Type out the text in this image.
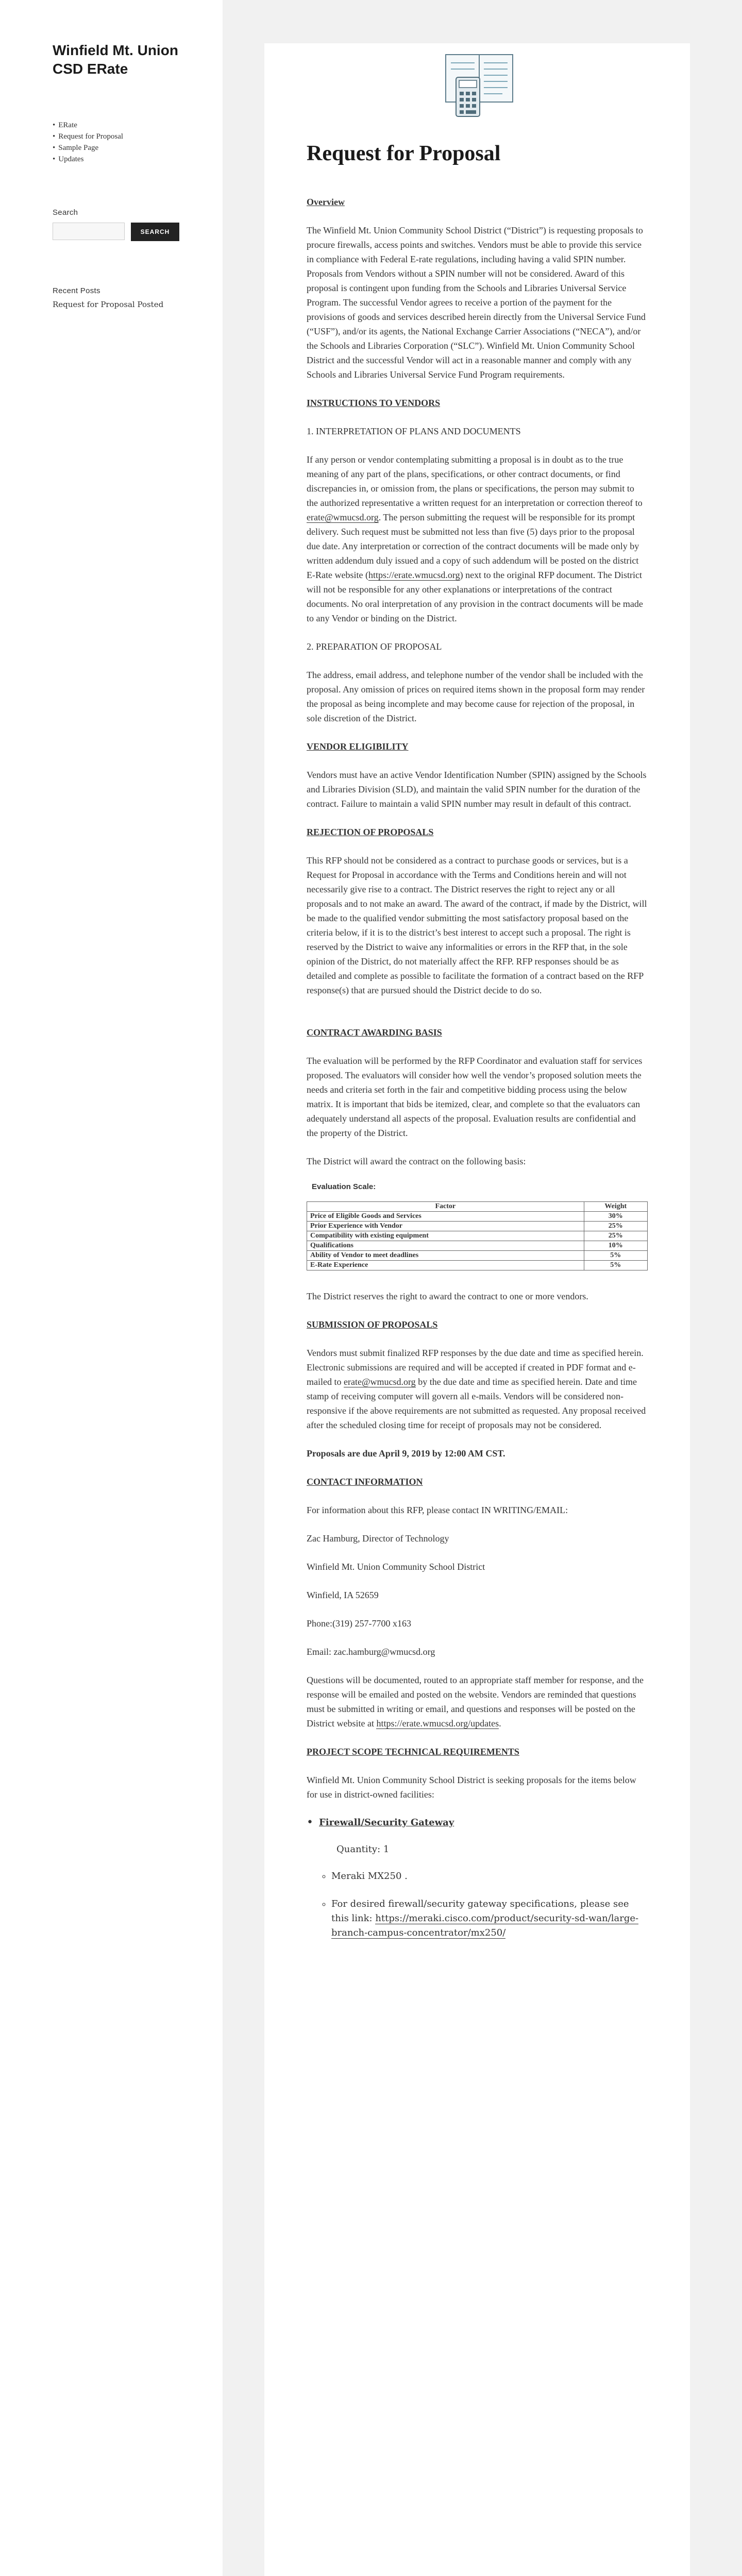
Winfield Mt. Union CSD ERate
• ERate
• Request for Proposal
• Sample Page
• Updates
Search
SEARCH
Recent Posts
Request for Proposal Posted
Request for Proposal

Overview

The Winfield Mt. Union Community School District (“District”) is requesting proposals to procure firewalls, access points and switches. Vendors must be able to provide this service in compliance with Federal E-rate regulations, including having a valid SPIN number. Proposals from Vendors without a SPIN number will not be considered. Award of this proposal is contingent upon funding from the Schools and Libraries Universal Service Program. The successful Vendor agrees to receive a portion of the payment for the provisions of goods and services described herein directly from the Universal Service Fund (“USF”), and/or its agents, the National Exchange Carrier Associations (“NECA”), and/or the Schools and Libraries Corporation (“SLC”). Winfield Mt. Union Community School District and the successful Vendor will act in a reasonable manner and comply with any Schools and Libraries Universal Service Fund Program requirements.

INSTRUCTIONS TO VENDORS

1. INTERPRETATION OF PLANS AND DOCUMENTS

If any person or vendor contemplating submitting a proposal is in doubt as to the true meaning of any part of the plans, specifications, or other contract documents, or find discrepancies in, or omission from, the plans or specifications, the person may submit to the authorized representative a written request for an interpretation or correction thereof to erate@wmucsd.org. The person submitting the request will be responsible for its prompt delivery. Such request must be submitted not less than five (5) days prior to the proposal due date. Any interpretation or correction of the contract documents will be made only by written addendum duly issued and a copy of such addendum will be posted on the district E-Rate website (https://erate.wmucsd.org) next to the original RFP document. The District will not be responsible for any other explanations or interpretations of the contract documents. No oral interpretation of any provision in the contract documents will be made to any Vendor or binding on the District.

2. PREPARATION OF PROPOSAL

The address, email address, and telephone number of the vendor shall be included with the proposal. Any omission of prices on required items shown in the proposal form may render the proposal as being incomplete and may become cause for rejection of the proposal, in sole discretion of the District.

VENDOR ELIGIBILITY

Vendors must have an active Vendor Identification Number (SPIN) assigned by the Schools and Libraries Division (SLD), and maintain the valid SPIN number for the duration of the contract. Failure to maintain a valid SPIN number may result in default of this contract.

REJECTION OF PROPOSALS

This RFP should not be considered as a contract to purchase goods or services, but is a Request for Proposal in accordance with the Terms and Conditions herein and will not necessarily give rise to a contract. The District reserves the right to reject any or all proposals and to not make an award. The award of the contract, if made by the District, will be made to the qualified vendor submitting the most satisfactory proposal based on the criteria below, if it is to the district’s best interest to accept such a proposal. The right is reserved by the District to waive any informalities or errors in the RFP that, in the sole opinion of the District, do not materially affect the RFP. RFP responses should be as detailed and complete as possible to facilitate the formation of a contract based on the RFP response(s) that are pursued should the District decide to do so.

CONTRACT AWARDING BASIS

The evaluation will be performed by the RFP Coordinator and evaluation staff for services proposed. The evaluators will consider how well the vendor’s proposed solution meets the needs and criteria set forth in the fair and competitive bidding process using the below matrix. It is important that bids be itemized, clear, and complete so that the evaluators can adequately understand all aspects of the proposal. Evaluation results are confidential and the property of the District.

The District will award the contract on the following basis:

Evaluation Scale:
Factor	Weight
Price of Eligible Goods and Services	30%
Prior Experience with Vendor	25%
Compatibility with existing equipment	25%
Qualifications	10%
Ability of Vendor to meet deadlines	5%
E-Rate Experience	5%

The District reserves the right to award the contract to one or more vendors.

SUBMISSION OF PROPOSALS

Vendors must submit finalized RFP responses by the due date and time as specified herein. Electronic submissions are required and will be accepted if created in PDF format and e-mailed to erate@wmucsd.org by the due date and time as specified herein. Date and time stamp of receiving computer will govern all e-mails. Vendors will be considered non-responsive if the above requirements are not submitted as requested. Any proposal received after the scheduled closing time for receipt of proposals may not be considered.

Proposals are due April 9, 2019 by 12:00 AM CST.

CONTACT INFORMATION

For information about this RFP, please contact IN WRITING/EMAIL:

Zac Hamburg, Director of Technology

Winfield Mt. Union Community School District

Winfield, IA 52659

Phone:(319) 257-7700 x163

Email: zac.hamburg@wmucsd.org

Questions will be documented, routed to an appropriate staff member for response, and the response will be emailed and posted on the website. Vendors are reminded that questions must be submitted in writing or email, and questions and responses will be posted on the District website at https://erate.wmucsd.org/updates.

PROJECT SCOPE TECHNICAL REQUIREMENTS

Winfield Mt. Union Community School District is seeking proposals for the items below for use in district-owned facilities:

• Firewall/Security Gateway
Quantity: 1
◦ Meraki MX250 .
◦ For desired firewall/security gateway specifications, please see this link: https://meraki.cisco.com/product/security-sd-wan/large-branch-campus-concentrator/mx250/
